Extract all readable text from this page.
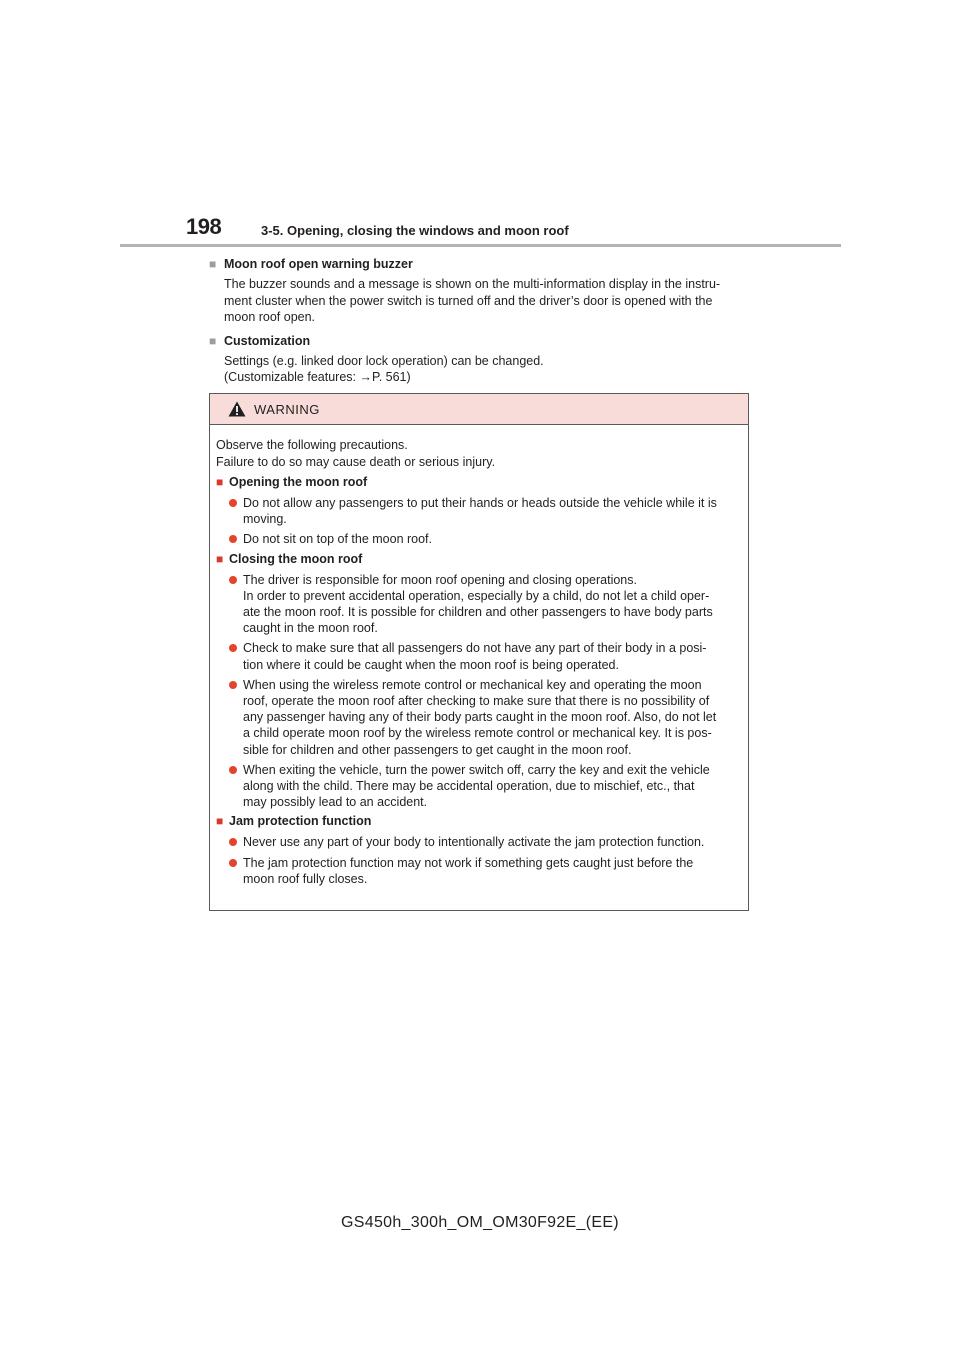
198	3-5. Opening, closing the windows and moon roof
■ Moon roof open warning buzzer
The buzzer sounds and a message is shown on the multi-information display in the instru-
ment cluster when the power switch is turned off and the driver’s door is opened with the
moon roof open.
■ Customization
Settings (e.g. linked door lock operation) can be changed.
(Customizable features: →P. 561)
WARNING
Observe the following precautions.
Failure to do so may cause death or serious injury.
■ Opening the moon roof
Do not allow any passengers to put their hands or heads outside the vehicle while it is
moving.
Do not sit on top of the moon roof.
■ Closing the moon roof
The driver is responsible for moon roof opening and closing operations.
In order to prevent accidental operation, especially by a child, do not let a child oper-
ate the moon roof. It is possible for children and other passengers to have body parts
caught in the moon roof.
Check to make sure that all passengers do not have any part of their body in a posi-
tion where it could be caught when the moon roof is being operated.
When using the wireless remote control or mechanical key and operating the moon
roof, operate the moon roof after checking to make sure that there is no possibility of
any passenger having any of their body parts caught in the moon roof. Also, do not let
a child operate moon roof by the wireless remote control or mechanical key. It is pos-
sible for children and other passengers to get caught in the moon roof.
When exiting the vehicle, turn the power switch off, carry the key and exit the vehicle
along with the child. There may be accidental operation, due to mischief, etc., that
may possibly lead to an accident.
■ Jam protection function
Never use any part of your body to intentionally activate the jam protection function.
The jam protection function may not work if something gets caught just before the
moon roof fully closes.
GS450h_300h_OM_OM30F92E_(EE)
